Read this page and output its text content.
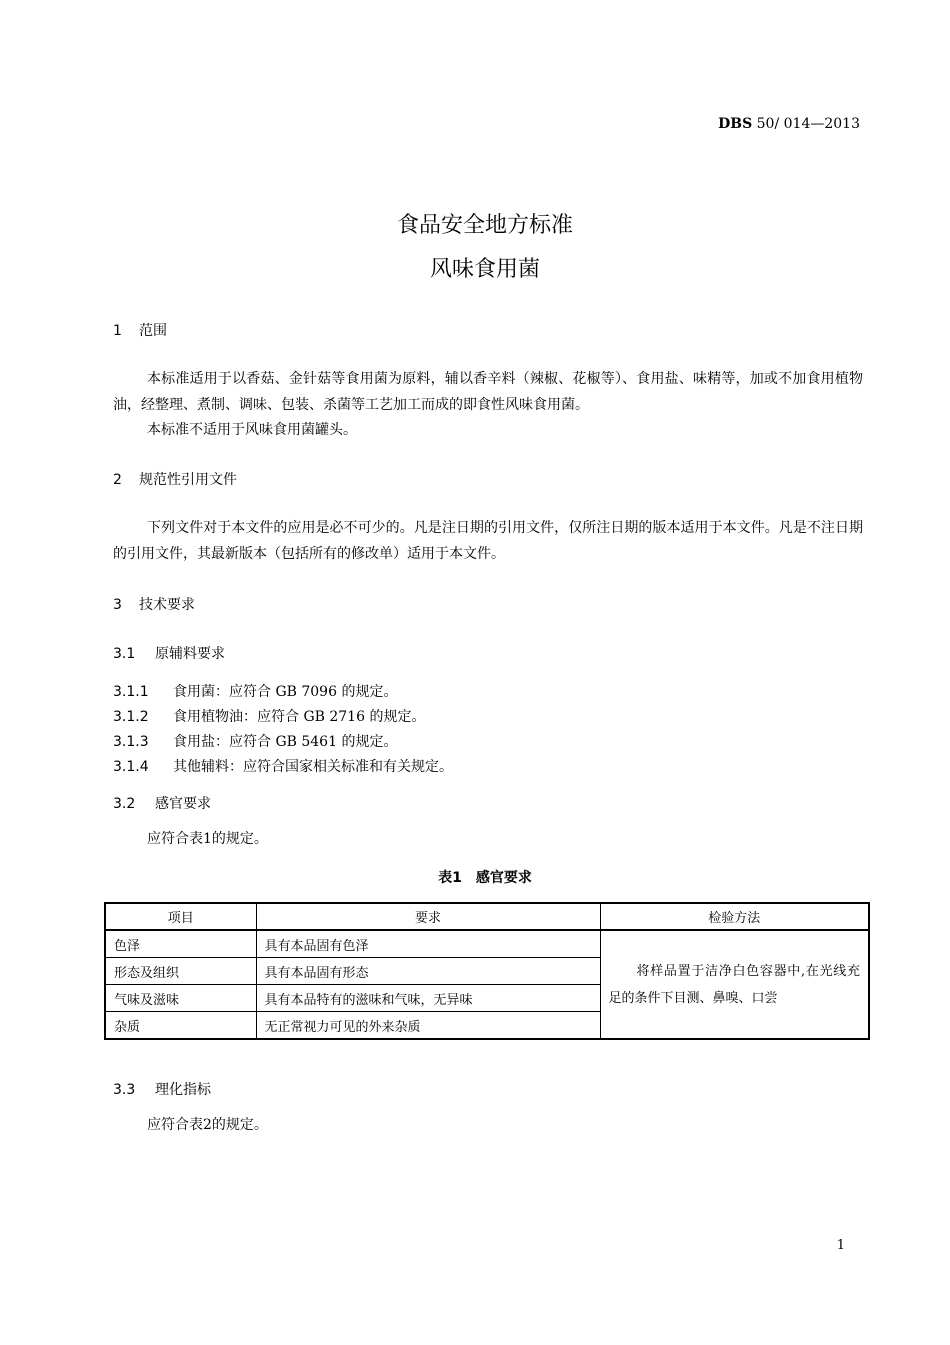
DBS 50/ 014—2013
食品安全地方标准
风味食用菌
1 范围
本标准适用于以香菇、金针菇等食用菌为原料，辅以香辛料（辣椒、花椒等）、食用盐、味精等，加或不加食用植物油，经整理、煮制、调味、包装、杀菌等工艺加工而成的即食性风味食用菌。
本标准不适用于风味食用菌罐头。
2 规范性引用文件
下列文件对于本文件的应用是必不可少的。凡是注日期的引用文件，仅所注日期的版本适用于本文件。凡是不注日期的引用文件，其最新版本（包括所有的修改单）适用于本文件。
3 技术要求
3.1 原辅料要求
3.1.1 食用菌：应符合 GB 7096 的规定。
3.1.2 食用植物油：应符合 GB 2716 的规定。
3.1.3 食用盐：应符合 GB 5461 的规定。
3.1.4 其他辅料：应符合国家相关标准和有关规定。
3.2 感官要求
应符合表1的规定。
表1　感官要求
项目	要求	检验方法
色泽	具有本品固有色泽	将样品置于洁净白色容器中,在光线充足的条件下目测、鼻嗅、口尝

形态及组织	具有本品固有形态	
气味及滋味	具有本品特有的滋味和气味，无异味	
杂质	无正常视力可见的外来杂质	
3.3 理化指标
应符合表2的规定。
1
